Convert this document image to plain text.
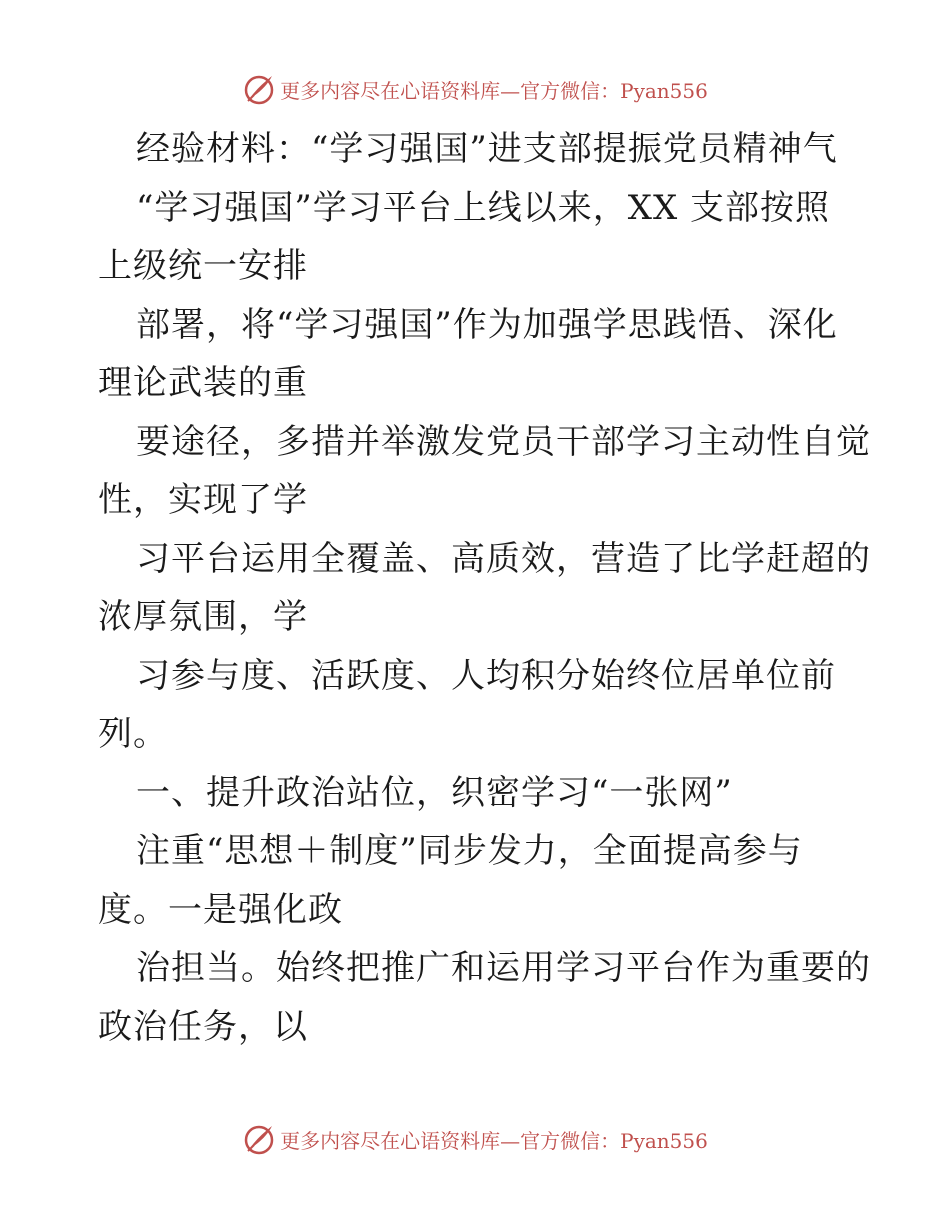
更多内容尽在心语资料库—官方微信：Pyan556
经验材料：“学习强国”进支部提振党员精神气
“学习强国”学习平台上线以来，XX 支部按照
上级统一安排
部署，将“学习强国”作为加强学思践悟、深化
理论武装的重
要途径，多措并举激发党员干部学习主动性自觉
性，实现了学
习平台运用全覆盖、高质效，营造了比学赶超的
浓厚氛围，学
习参与度、活跃度、人均积分始终位居单位前
列。
一、提升政治站位，织密学习“一张网”
注重“思想＋制度”同步发力，全面提高参与
度。一是强化政
治担当。始终把推广和运用学习平台作为重要的
政治任务，以
更多内容尽在心语资料库—官方微信：Pyan556
